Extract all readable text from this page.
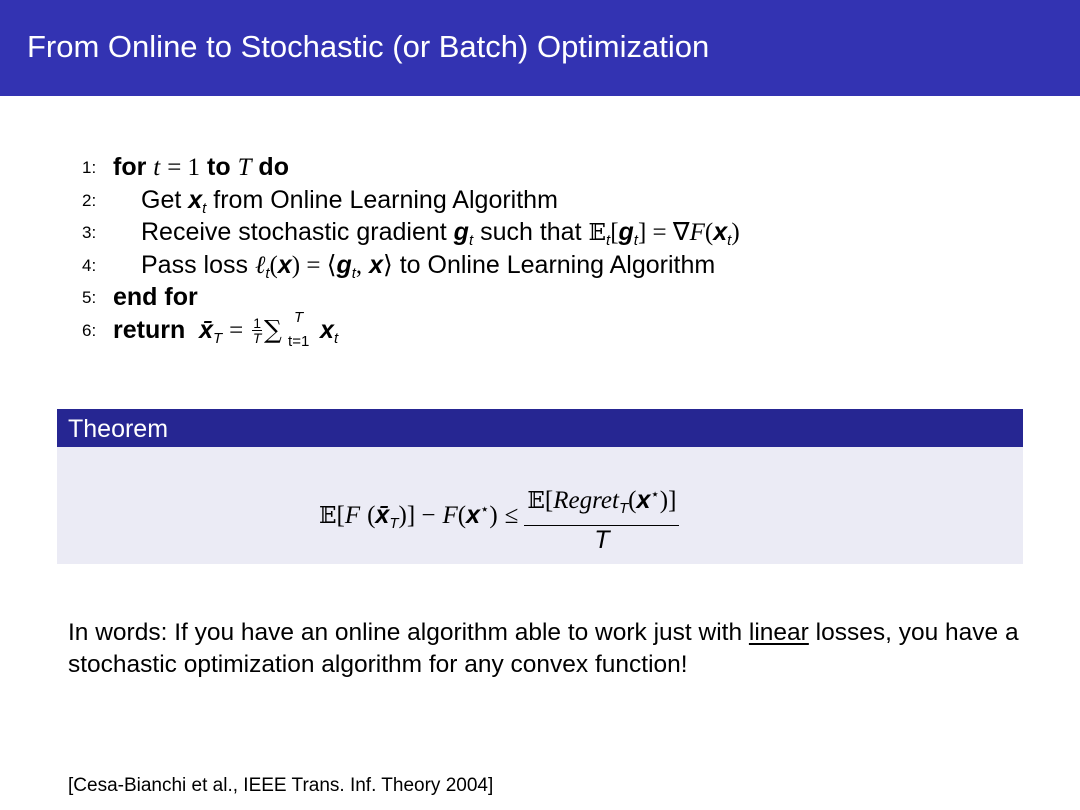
From Online to Stochastic (or Batch) Optimization
1: for t = 1 to T do
2: Get $x_t$ from Online Learning Algorithm
3: Receive stochastic gradient $g_t$ such that $𝔼_t[g_t] = \nabla F(x_t)$
4: Pass loss ℓ$_t$(x) = $⟨g_t$, x⟩ to Online Learning Algorithm
5: end for
6: return $x̄_T = \frac{1}{T}$ ∑ T
t=1 $x_t$
Theorem
𝔼[F $(x̄_T)] - F(x^⋆) \le \frac{𝔼[Regret_T(x^⋆)]}{T}$
In words: If you have an online algorithm able to work just with linear losses, you have a stochastic optimization algorithm for any convex function!
[Cesa-Bianchi et al., IEEE Trans. Inf. Theory 2004]
